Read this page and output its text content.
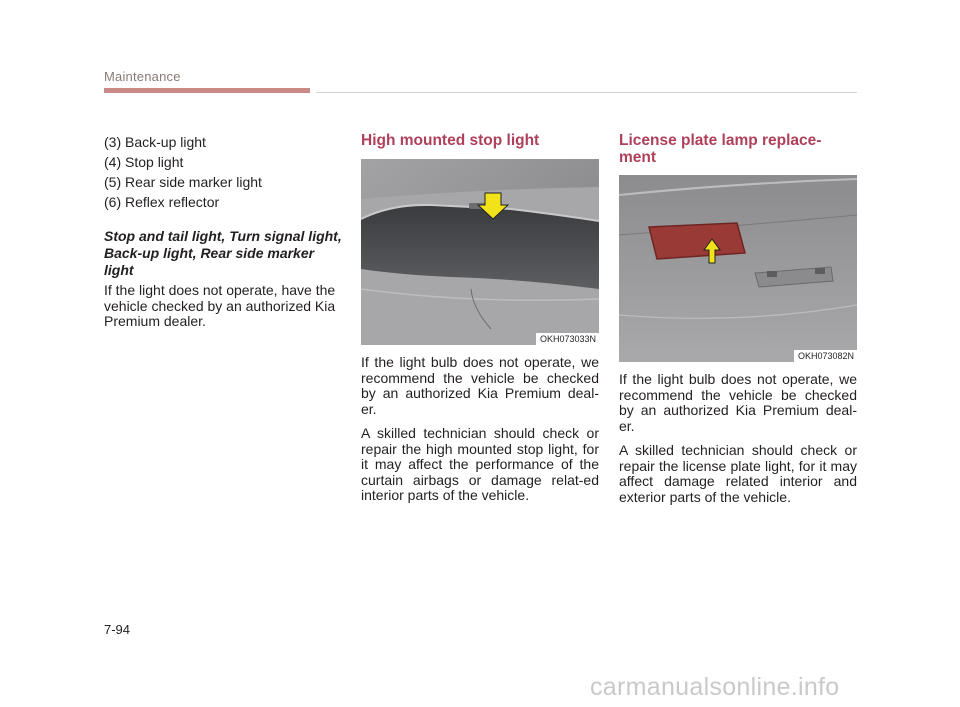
Maintenance

(3) Back-up light

(4) Stop light

(5) Rear side marker light

(6) Reflex reflector

Stop and tail light, Turn signal light, Back-up light, Rear side marker light

If the light does not operate, have the vehicle checked by an authorized Kia Premium dealer.

High mounted stop light
OKH073033N

If the light bulb does not operate, we recommend the vehicle be checked by an authorized Kia Premium deal-er.

A skilled technician should check or repair the high mounted stop light, for it may affect the performance of the curtain airbags or damage relat-ed interior parts of the vehicle.

License plate lamp replace-ment
OKH073082N

If the light bulb does not operate, we recommend the vehicle be checked by an authorized Kia Premium deal-er.

A skilled technician should check or repair the license plate light, for it may affect damage related interior and exterior parts of the vehicle.

7-94
carmanualsonline.info
